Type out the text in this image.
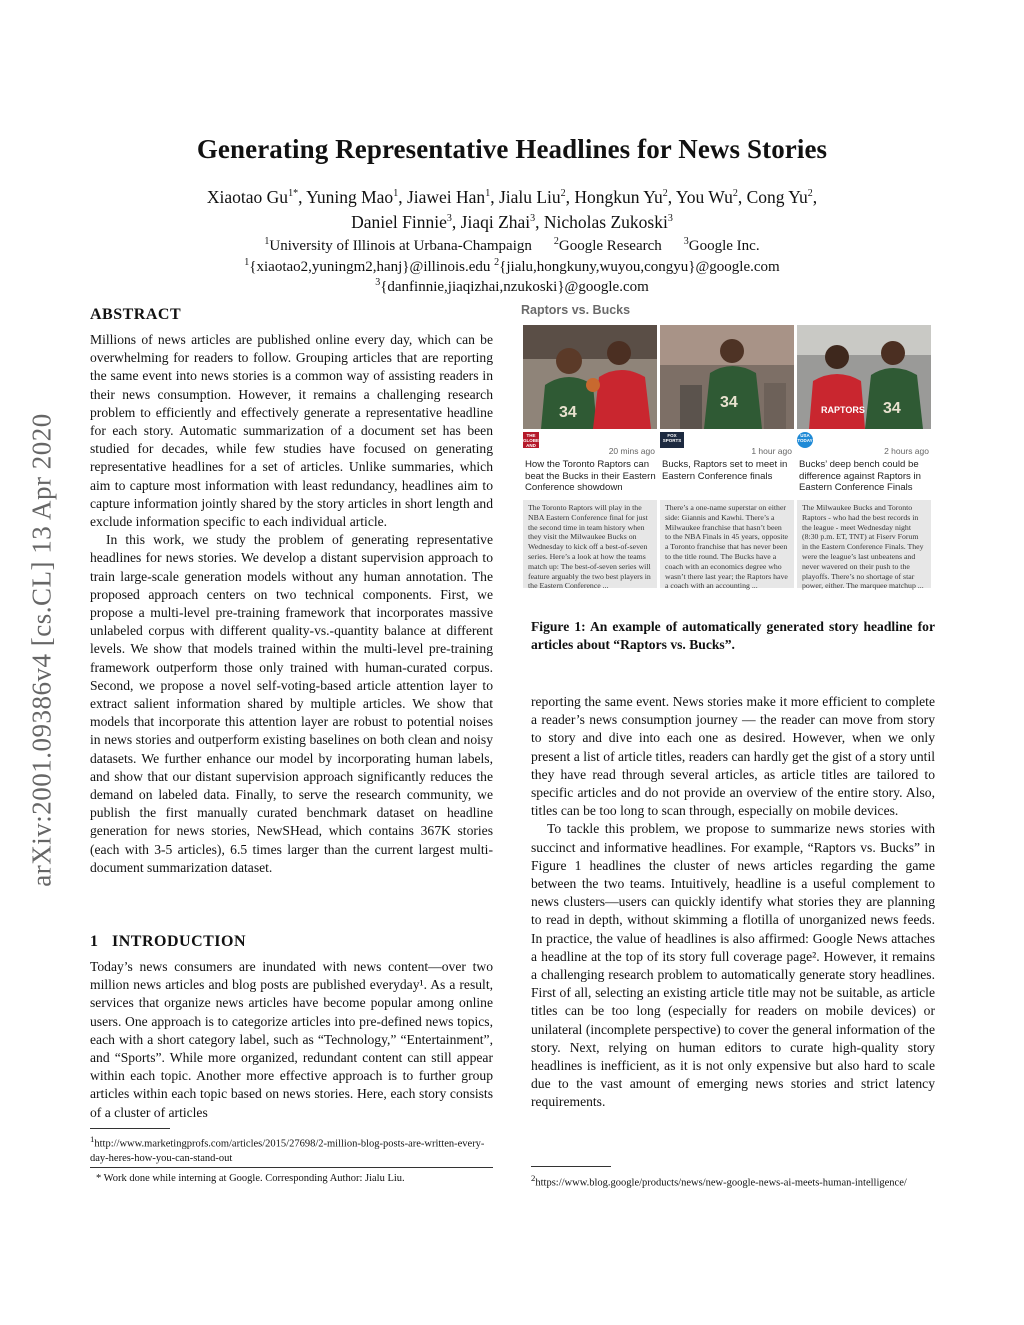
Generating Representative Headlines for News Stories
Xiaotao $Gu^{1*}$, Yuning Mao$^1$, Jiawei Han$^1$, Jialu Liu$^2$, Hongkun Yu$^2$, You Wu$^2$, Cong Yu$^2$,
Daniel Finnie$^3$, Jiaqi Zhai$^3$, Nicholas Zukoski$^3$
$^1$University of Illinois at Urbana-Champaign $^2$Google Research $^3$Google Inc.
$^1${xiaotao2,yuningm2,hanj}@illinois.edu $^2${jialu,hongkuny,wuyou,congyu}@google.com
$^3${danfinnie,jiaqizhai,nzukoski}@google.com
arXiv:2001.09386v4 [cs.CL] 13 Apr 2020
ABSTRACT

Millions of news articles are published online every day, which can be overwhelming for readers to follow. Grouping articles that are reporting the same event into news stories is a common way of assisting readers in their news consumption. However, it remains a challenging research problem to efficiently and effectively generate a representative headline for each story. Automatic summarization of a document set has been studied for decades, while few studies have focused on generating representative headlines for a set of articles. Unlike summaries, which aim to capture most information with least redundancy, headlines aim to capture information jointly shared by the story articles in short length and exclude information specific to each individual article.

In this work, we study the problem of generating representative headlines for news stories. We develop a distant supervision approach to train large-scale generation models without any human annotation. The proposed approach centers on two technical components. First, we propose a multi-level pre-training framework that incorporates massive unlabeled corpus with different quality-vs.-quantity balance at different levels. We show that models trained within the multi-level pre-training framework outperform those only trained with human-curated corpus. Second, we propose a novel self-voting-based article attention layer to extract salient information shared by multiple articles. We show that models that incorporate this attention layer are robust to potential noises in news stories and outperform existing baselines on both clean and noisy datasets. We further enhance our model by incorporating human labels, and show that our distant supervision approach significantly reduces the demand on labeled data. Finally, to serve the research community, we publish the first manually curated benchmark dataset on headline generation for news stories, NewSHead, which contains 367K stories (each with 3-5 articles), 6.5 times larger than the current largest multi-document summarization dataset.

1 INTRODUCTION

Today’s news consumers are inundated with news content—over two million news articles and blog posts are published everyday¹. As a result, services that organize news articles have become popular among online users. One approach is to categorize articles into pre-defined news topics, each with a short category label, such as “Technology,” “Entertainment”, and “Sports”. While more organized, redundant content can still appear within each topic. Another more effective approach is to further group articles within each topic based on news stories. Here, each story consists of a cluster of articles

$^1$http://www.marketingprofs.com/articles/2015/27698/2-million-blog-posts-are-written-every-day-heres-how-you-can-stand-out
* Work done while interning at Google. Corresponding Author: Jialu Liu.
Raptors vs. Bucks
34
THE GLOBE AND MAIL	20 mins ago
How the Toronto Raptors can beat the Bucks in their Eastern Conference showdown
The Toronto Raptors will play in the NBA Eastern Conference final for just the second time in team history when they visit the Milwaukee Bucks on Wednesday to kick off a best-of-seven series. Here’s a look at how the teams match up: The best-of-seven series will feature arguably the two best players in the Eastern Conference ...
34
FOX SPORTS
1 hour ago
Bucks, Raptors set to meet in Eastern Conference finals
There’s a one-name superstar on either side: Giannis and Kawhi. There’s a Milwaukee franchise that hasn’t been to the NBA Finals in 45 years, opposite a Toronto franchise that has never been to the title round. The Bucks have a coach with an economics degree who wasn’t there last year; the Raptors have a coach with an accounting ...
RAPTORS 34
USA TODAY
2 hours ago
Bucks’ deep bench could be difference against Raptors in Eastern Conference Finals
The Milwaukee Bucks and Toronto Raptors - who had the best records in the league - meet Wednesday night (8:30 p.m. ET, TNT) at Fiserv Forum in the Eastern Conference Finals. They were the league’s last unbeatens and never wavered on their push to the playoffs. There’s no shortage of star power, either. The marquee matchup ...
Figure 1: An example of automatically generated story headline for articles about “Raptors vs. Bucks”.

reporting the same event. News stories make it more efficient to complete a reader’s news consumption journey — the reader can move from story to story and dive into each one as desired. However, when we only present a list of article titles, readers can hardly get the gist of a story until they have read through several articles, as article titles are tailored to specific articles and do not provide an overview of the entire story. Also, titles can be too long to scan through, especially on mobile devices.

To tackle this problem, we propose to summarize news stories with succinct and informative headlines. For example, “Raptors vs. Bucks” in Figure 1 headlines the cluster of news articles regarding the game between the two teams. Intuitively, headline is a useful complement to news clusters—users can quickly identify what stories they are planning to read in depth, without skimming a flotilla of unorganized news feeds. In practice, the value of headlines is also affirmed: Google News attaches a headline at the top of its story full coverage page². However, it remains a challenging research problem to automatically generate story headlines. First of all, selecting an existing article title may not be suitable, as article titles can be too long (especially for readers on mobile devices) or unilateral (incomplete perspective) to cover the general information of the story. Next, relying on human editors to curate high-quality story headlines is inefficient, as it is not only expensive but also hard to scale due to the vast amount of emerging news stories and strict latency requirements.

$^2$https://www.blog.google/products/news/new-google-news-ai-meets-human-intelligence/
